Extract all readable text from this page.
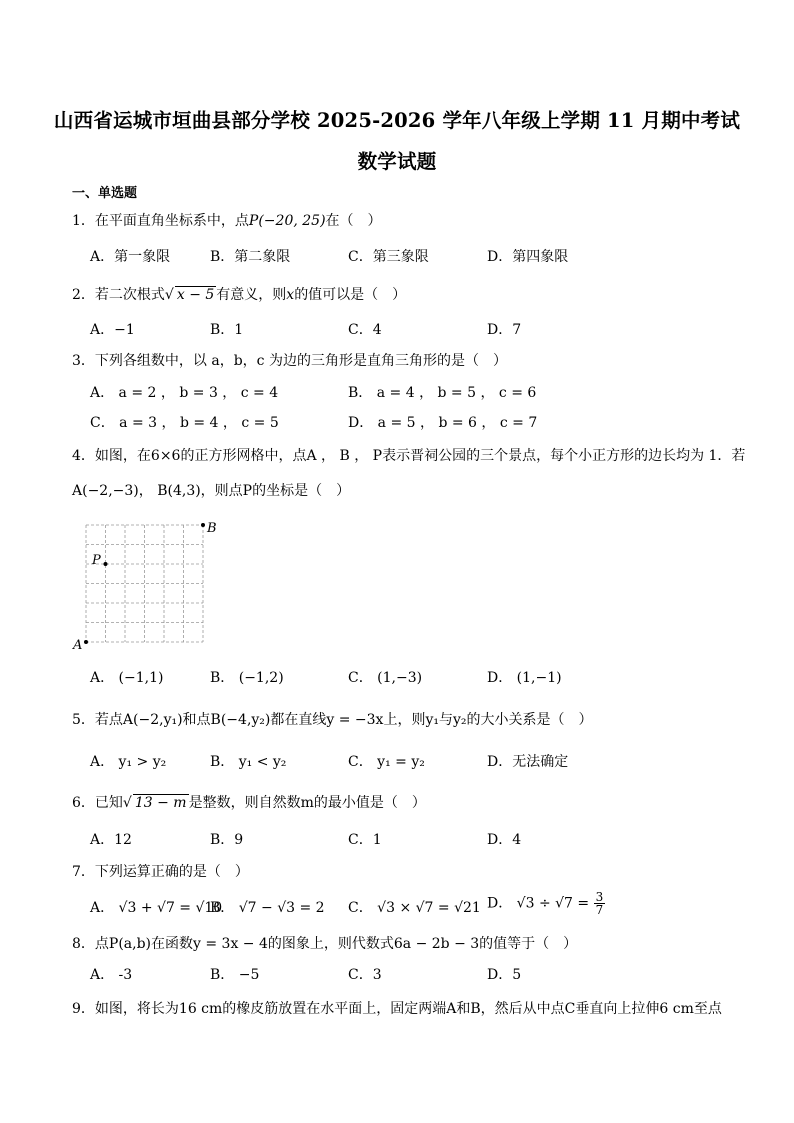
山西省运城市垣曲县部分学校 2025-2026 学年八年级上学期 11 月期中考试
数学试题
一、单选题
1．在平面直角坐标系中，点P(−20, 25)在（　）
A．第一象限	B．第二象限	C．第三象限	D．第四象限
2．若二次根式√ x − 5 有意义，则x的值可以是（　）
A．−1	B．1	C．4	D．7
3．下列各组数中，以 a，b，c 为边的三角形是直角三角形的是（　）
A． a = 2 ， b = 3 ， c = 4	B． a = 4 ， b = 5 ， c = 6
C． a = 3 ， b = 4 ， c = 5	D． a = 5 ， b = 6 ， c = 7
4．如图，在6×6的正方形网格中，点A ， B ， P表示晋祠公园的三个景点，每个小正方形的边长均为 1．若
A(−2,−3)， B(4,3)，则点P的坐标是（　）
A
B
P
A． (−1,1)	B． (−1,2)	C． (1,−3)	D． (1,−1)
5．若点A(−2,y₁)和点B(−4,y₂)都在直线y = −3x上，则y₁与y₂的大小关系是（　）
A． y₁ > y₂	B． y₁ < y₂	C． y₁ = y₂	D．无法确定
6．已知√ 13 − m 是整数，则自然数m的最小值是（　）
A．12	B．9	C．1	D．4
7．下列运算正确的是（　）
A． √3 + √7 = √10
B． √7 − √3 = 2 C． √3 × √7 = √21 D． $√3 \div √7 = \frac{3}{7}$
8．点P(a,b)在函数y = 3x − 4的图象上，则代数式6a − 2b − 3的值等于（　）
A． -3	B． −5	C．3	D．5
9．如图，将长为16 cm的橡皮筋放置在水平面上，固定两端A和B，然后从中点C垂直向上拉伸6 cm至点
